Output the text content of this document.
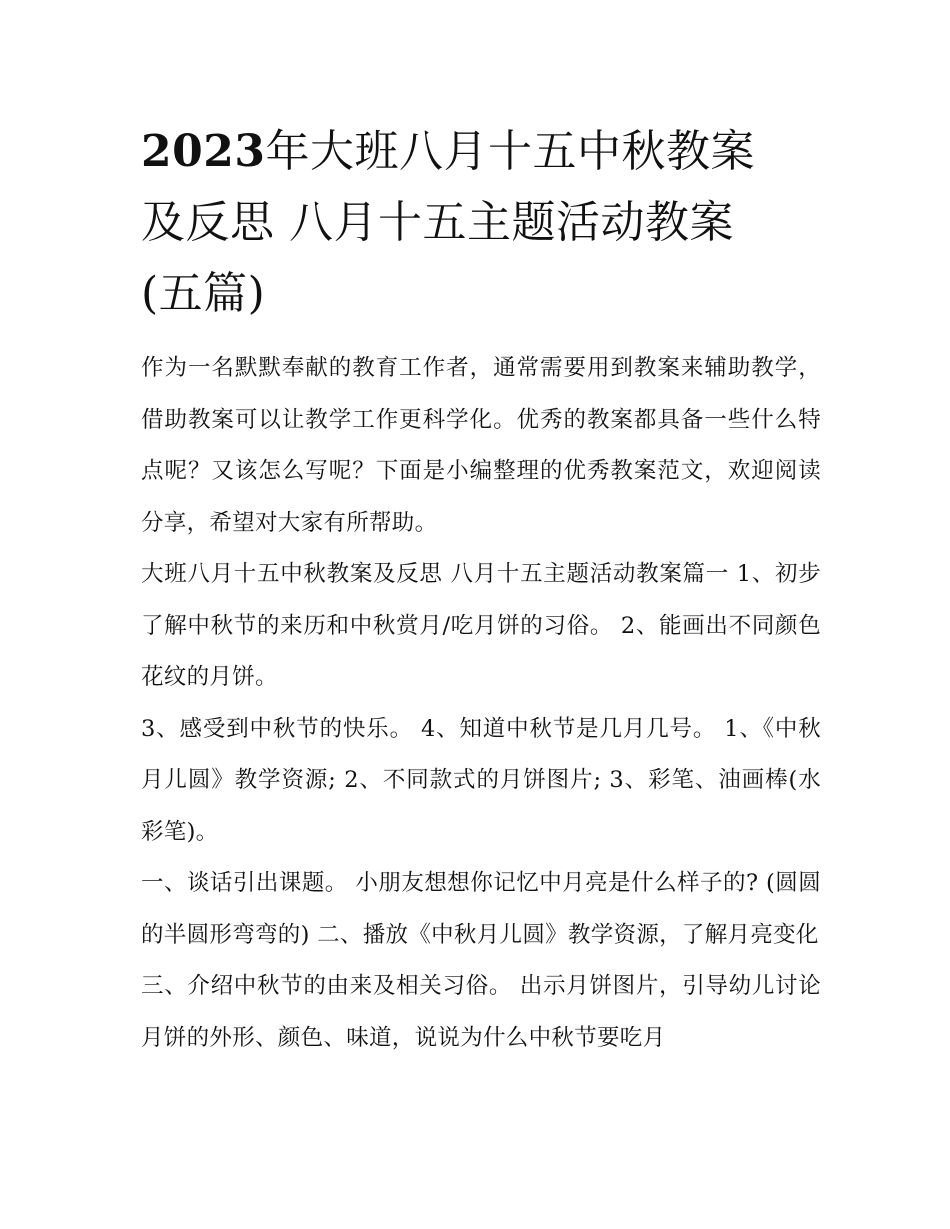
2023年大班八月十五中秋教案
及反思 八月十五主题活动教案
(五篇)

作为一名默默奉献的教育工作者，通常需要用到教案来辅助教学，借助教案可以让教学工作更科学化。优秀的教案都具备一些什么特点呢？又该怎么写呢？下面是小编整理的优秀教案范文，欢迎阅读分享，希望对大家有所帮助。

大班八月十五中秋教案及反思 八月十五主题活动教案篇一 1、初步了解中秋节的来历和中秋赏月/吃月饼的习俗。 2、能画出不同颜色花纹的月饼。

3、感受到中秋节的快乐。 4、知道中秋节是几月几号。 1、《中秋月儿圆》教学资源; 2、不同款式的月饼图片; 3、彩笔、油画棒(水彩笔)。

一、谈话引出课题。 小朋友想想你记忆中月亮是什么样子的? (圆圆的半圆形弯弯的) 二、播放《中秋月儿圆》教学资源，了解月亮变化

三、介绍中秋节的由来及相关习俗。 出示月饼图片，引导幼儿讨论月饼的外形、颜色、味道，说说为什么中秋节要吃月
